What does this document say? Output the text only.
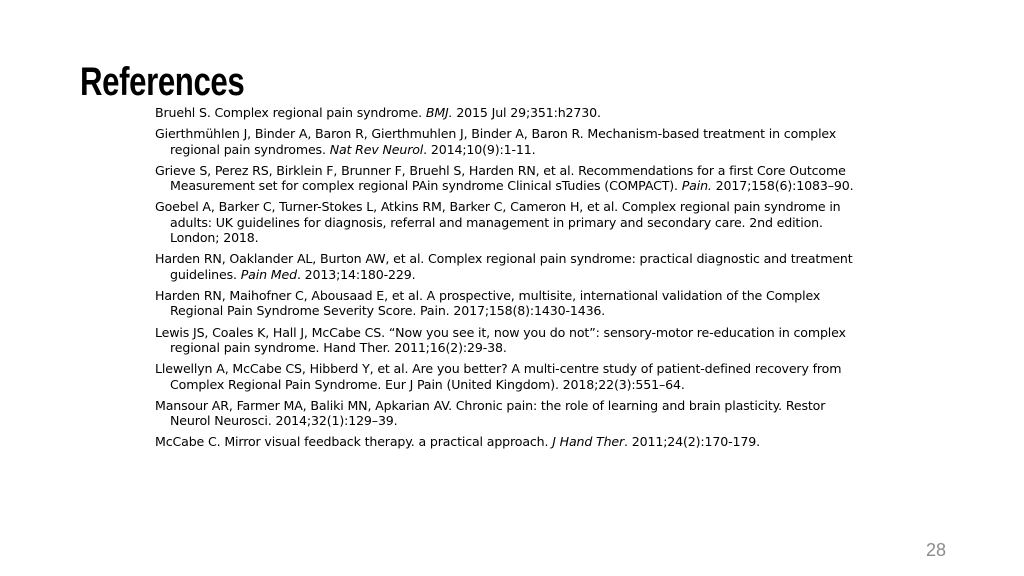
References
Bruehl S. Complex regional pain syndrome. BMJ. 2015 Jul 29;351:h2730.
Gierthmühlen J, Binder A, Baron R, Gierthmuhlen J, Binder A, Baron R. Mechanism-based treatment in complex regional pain syndromes. Nat Rev Neurol. 2014;10(9):1-11.
Grieve S, Perez RS, Birklein F, Brunner F, Bruehl S, Harden RN, et al. Recommendations for a first Core Outcome Measurement set for complex regional PAin syndrome Clinical sTudies (COMPACT). Pain. 2017;158(6):1083–90.
Goebel A, Barker C, Turner-Stokes L, Atkins RM, Barker C, Cameron H, et al. Complex regional pain syndrome in adults: UK guidelines for diagnosis, referral and management in primary and secondary care. 2nd edition. London; 2018.
Harden RN, Oaklander AL, Burton AW, et al. Complex regional pain syndrome: practical diagnostic and treatment guidelines. Pain Med. 2013;14:180-229.
Harden RN, Maihofner C, Abousaad E, et al. A prospective, multisite, international validation of the Complex Regional Pain Syndrome Severity Score. Pain. 2017;158(8):1430-1436.
Lewis JS, Coales K, Hall J, McCabe CS. “Now you see it, now you do not”: sensory-motor re-education in complex regional pain syndrome. Hand Ther. 2011;16(2):29-38.
Llewellyn A, McCabe CS, Hibberd Y, et al. Are you better? A multi-centre study of patient-defined recovery from Complex Regional Pain Syndrome. Eur J Pain (United Kingdom). 2018;22(3):551–64.
Mansour AR, Farmer MA, Baliki MN, Apkarian AV. Chronic pain: the role of learning and brain plasticity. Restor Neurol Neurosci. 2014;32(1):129–39.
McCabe C. Mirror visual feedback therapy. a practical approach. J Hand Ther. 2011;24(2):170-179.
28
